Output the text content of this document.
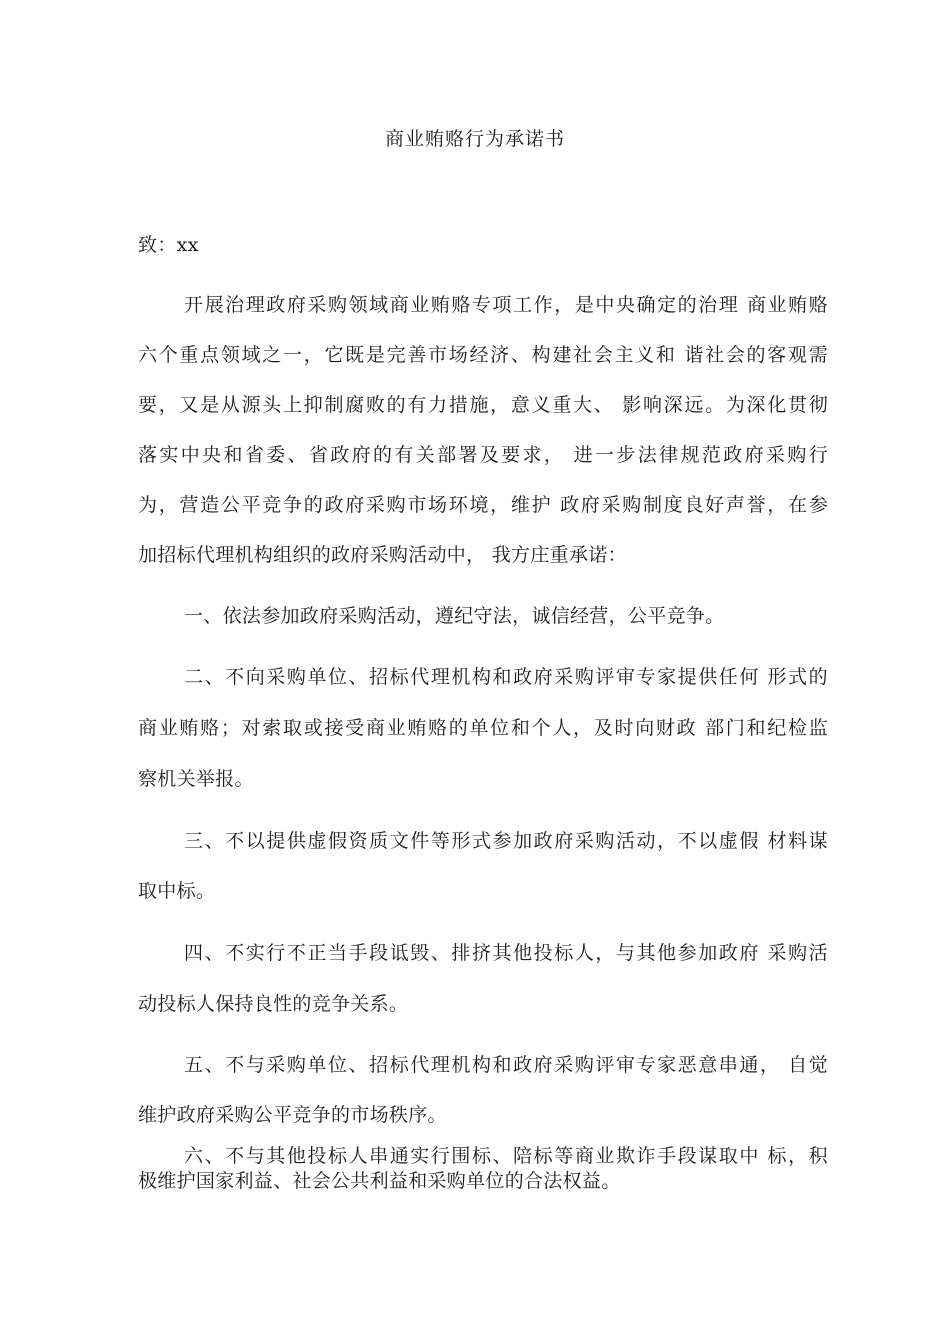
商业贿赂行为承诺书
致：xx
开展治理政府采购领域商业贿赂专项工作，是中央确定的治理 商业贿赂
六个重点领域之一，它既是完善市场经济、构建社会主义和 谐社会的客观需
要，又是从源头上抑制腐败的有力措施，意义重大、 影响深远。为深化贯彻
落实中央和省委、省政府的有关部署及要求， 进一步法律规范政府采购行
为，营造公平竞争的政府采购市场环境，维护 政府采购制度良好声誉，在参
加招标代理机构组织的政府采购活动中， 我方庄重承诺：
一、依法参加政府采购活动，遵纪守法，诚信经营，公平竞争。
二、不向采购单位、招标代理机构和政府采购评审专家提供任何 形式的
商业贿赂；对索取或接受商业贿赂的单位和个人，及时向财政 部门和纪检监
察机关举报。
三、不以提供虚假资质文件等形式参加政府采购活动，不以虚假 材料谋
取中标。
四、不实行不正当手段诋毁、排挤其他投标人，与其他参加政府 采购活
动投标人保持良性的竞争关系。
五、不与采购单位、招标代理机构和政府采购评审专家恶意串通， 自觉
维护政府采购公平竞争的市场秩序。
六、不与其他投标人串通实行围标、陪标等商业欺诈手段谋取中 标，积
极维护国家利益、社会公共利益和采购单位的合法权益。
